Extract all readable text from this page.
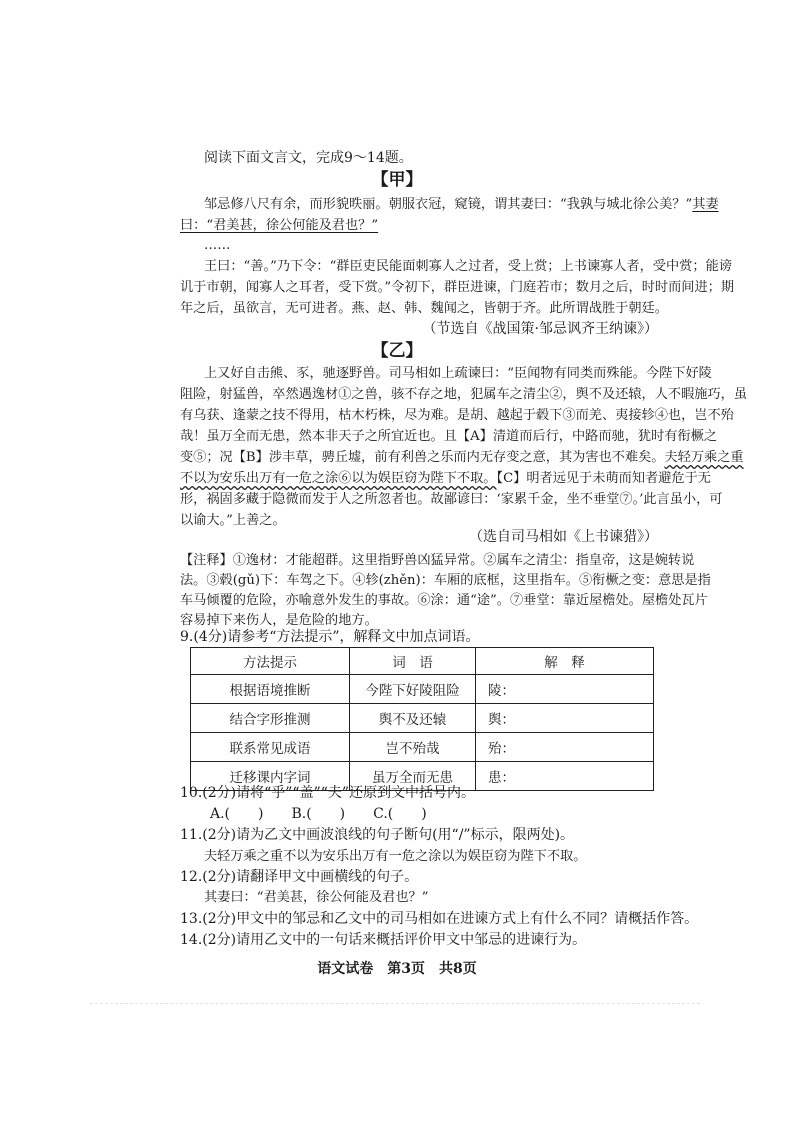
阅读下面文言文，完成9～14题。
【甲】
邹忌修八尺有余，而形貌昳丽。朝服衣冠，窥镜，谓其妻曰：“我孰与城北徐公美？”其妻
曰：“君美甚，徐公何能及君也？”
……
王曰：“善。”乃下令：“群臣吏民能面刺寡人之过者，受上赏；上书谏寡人者，受中赏；能谤
讥于市朝，闻寡人之耳者，受下赏。”令初下，群臣进谏，门庭若市；数月之后，时时而间进；期
年之后，虽欲言，无可进者。燕、赵、韩、魏闻之，皆朝于齐。此所谓战胜于朝廷。
（节选自《战国策·邹忌讽齐王纳谏》）
【乙】
上又好自击熊、豕，驰逐野兽。司马相如上疏谏曰：“臣闻物有同类而殊能。今陛下好陵
阻险，射猛兽，卒然遇逸材①之兽，骇不存之地，犯属车之清尘②，舆不及还辕，人不暇施巧，虽
有乌获、逢蒙之技不得用，枯木朽株，尽为难。是胡、越起于毂下③而羌、夷接轸④也，岂不殆
哉！虽万全而无患，然本非天子之所宜近也。且【A】清道而后行，中路而驰，犹时有衔橛之
变⑤；况【B】涉丰草，骋丘墟，前有利兽之乐而内无存变之意，其为害也不难矣。夫轻万乘之重
不以为安乐出万有一危之涂⑥以为娱臣窃为陛下不取。【C】明者远见于未萌而知者避危于无
形，祸固多藏于隐微而发于人之所忽者也。故鄙谚曰：‘家累千金，坐不垂堂⑦。’此言虽小，可
以谕大。”上善之。
（选自司马相如《上书谏猎》）
【注释】①逸材：才能超群。这里指野兽凶猛异常。②属车之清尘：指皇帝，这是婉转说
法。③毂(gǔ)下：车驾之下。④轸(zhěn)：车厢的底框，这里指车。⑤衔橛之变：意思是指
车马倾覆的危险，亦喻意外发生的事故。⑥涂：通“途”。⑦垂堂：靠近屋檐处。屋檐处瓦片
容易掉下来伤人，是危险的地方。
9.(4分)请参考“方法提示”，解释文中加点词语。
方法提示	词　语	解　释
根据语境推断	今陛下好陵阻险	陵：
结合字形推测	舆不及还辕	舆：
联系常见成语	岂不殆哉	殆：
迁移课内字词	虽万全而无患	患：
10.(2分)请将“乎”“盖”“夫”还原到文中括号内。
A.(　　)　　B.(　　)　　C.(　　)
11.(2分)请为乙文中画波浪线的句子断句(用“/”标示，限两处)。
夫轻万乘之重不以为安乐出万有一危之涂以为娱臣窃为陛下不取。
12.(2分)请翻译甲文中画横线的句子。
其妻曰：“君美甚，徐公何能及君也？”
13.(2分)甲文中的邹忌和乙文中的司马相如在进谏方式上有什么不同？请概括作答。
14.(2分)请用乙文中的一句话来概括评价甲文中邹忌的进谏行为。
语文试卷　第3页　共8页
